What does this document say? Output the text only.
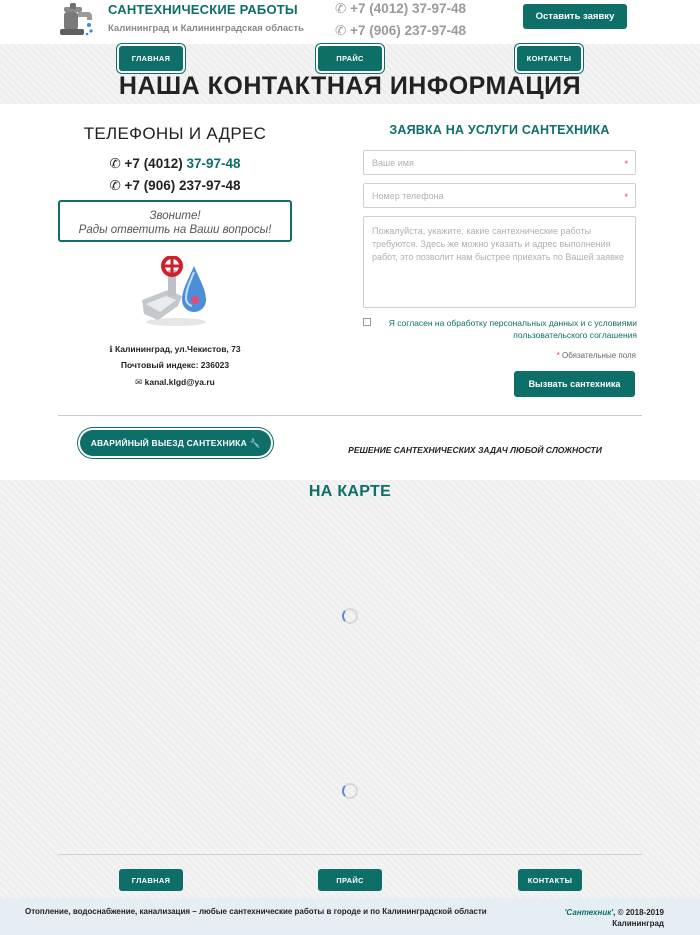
САНТЕХНИЧЕСКИЕ РАБОТЫ
Калининград и Калининградская область
✆ +7 (4012) 37-97-48
✆ +7 (906) 237-97-48
Оставить заявку
ГЛАВНАЯ	ПРАЙС	КОНТАКТЫ
НАША КОНТАКТНАЯ ИНФОРМАЦИЯ
ТЕЛЕФОНЫ И АДРЕС
✆ +7 (4012) 37-97-48
✆ +7 (906) 237-97-48
Звоните!
Рады ответить на Ваши вопросы!
ℹ Калининград, ул.Чекистов, 73
Почтовый индекс: 236023
✉ kanal.klgd@ya.ru
ЗАЯВКА НА УСЛУГИ САНТЕХНИКА
Ваше имя	*
Номер телефона	*
Пожалуйста, укажите, какие сантехнические работы требуются. Здесь же можно указать и адрес выполнения работ, это позволит нам быстрее приехать по Вашей заявке
Я согласен на обработку персональных данных и с условиями пользовательского соглашения
* Обязательные поля
Вызвать сантехника
АВАРИЙНЫЙ ВЫЕЗД САНТЕХНИКА
🔧
РЕШЕНИЕ САНТЕХНИЧЕСКИХ ЗАДАЧ ЛЮБОЙ СЛОЖНОСТИ
НА КАРТЕ
ГЛАВНАЯ	ПРАЙС	КОНТАКТЫ
Отопление, водоснабжение, канализация – любые сантехнические работы в городе и по Калининградской области	'Сантехник', © 2018-2019
Калининград
